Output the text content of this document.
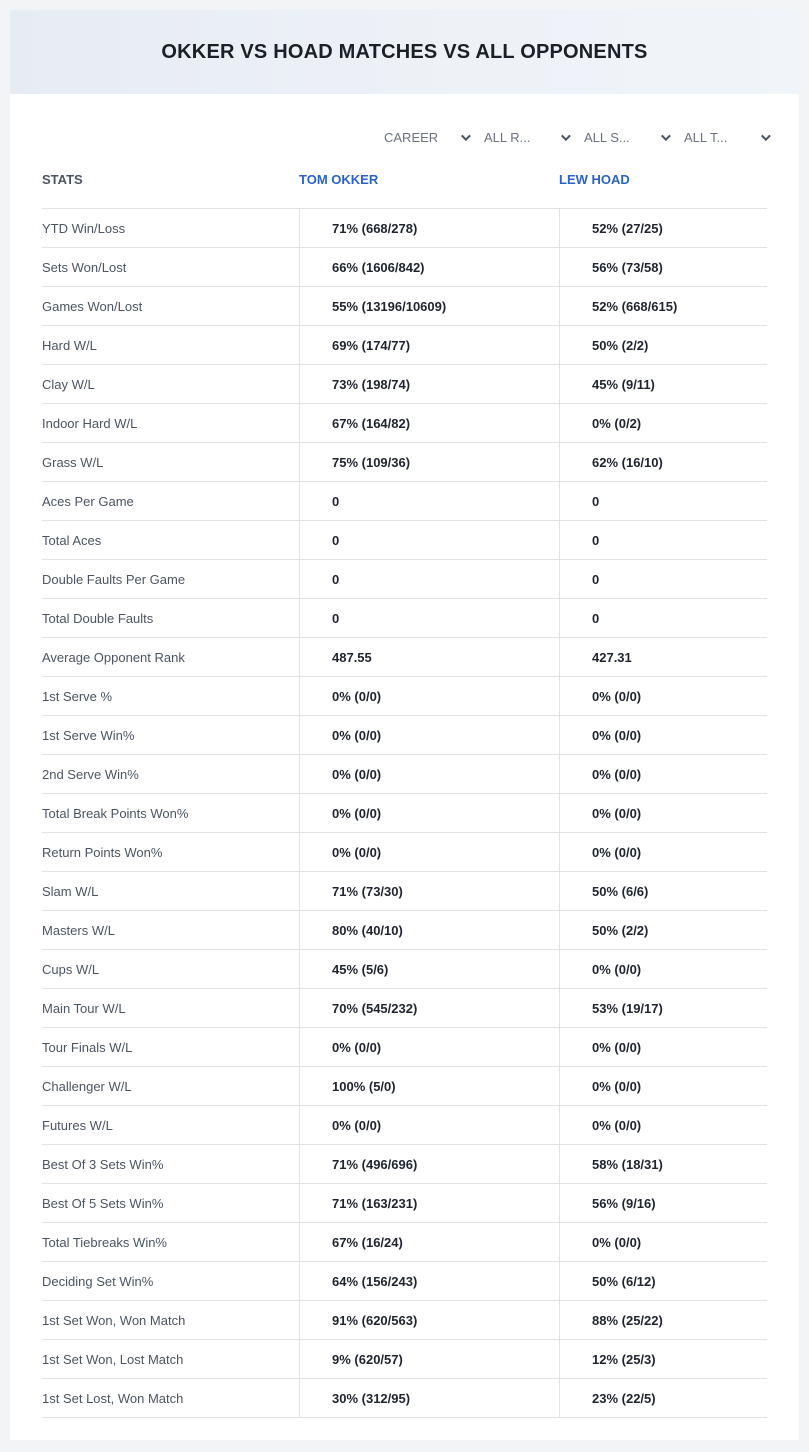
OKKER VS HOAD MATCHES VS ALL OPPONENTS
CAREER	ALL R...	ALL S...	ALL T...
STATS	TOM OKKER	LEW HOAD
YTD Win/Loss	71% (668/278)	52% (27/25)
Sets Won/Lost	66% (1606/842)	56% (73/58)
Games Won/Lost	55% (13196/10609)	52% (668/615)
Hard W/L	69% (174/77)	50% (2/2)
Clay W/L	73% (198/74)	45% (9/11)
Indoor Hard W/L	67% (164/82)	0% (0/2)
Grass W/L	75% (109/36)	62% (16/10)
Aces Per Game	0	0
Total Aces	0	0
Double Faults Per Game	0	0
Total Double Faults	0	0
Average Opponent Rank	487.55	427.31
1st Serve %	0% (0/0)	0% (0/0)
1st Serve Win%	0% (0/0)	0% (0/0)
2nd Serve Win%	0% (0/0)	0% (0/0)
Total Break Points Won%	0% (0/0)	0% (0/0)
Return Points Won%	0% (0/0)	0% (0/0)
Slam W/L	71% (73/30)	50% (6/6)
Masters W/L	80% (40/10)	50% (2/2)
Cups W/L	45% (5/6)	0% (0/0)
Main Tour W/L	70% (545/232)	53% (19/17)
Tour Finals W/L	0% (0/0)	0% (0/0)
Challenger W/L	100% (5/0)	0% (0/0)
Futures W/L	0% (0/0)	0% (0/0)
Best Of 3 Sets Win%	71% (496/696)	58% (18/31)
Best Of 5 Sets Win%	71% (163/231)	56% (9/16)
Total Tiebreaks Win%	67% (16/24)	0% (0/0)
Deciding Set Win%	64% (156/243)	50% (6/12)
1st Set Won, Won Match	91% (620/563)	88% (25/22)
1st Set Won, Lost Match	9% (620/57)	12% (25/3)
1st Set Lost, Won Match	30% (312/95)	23% (22/5)
